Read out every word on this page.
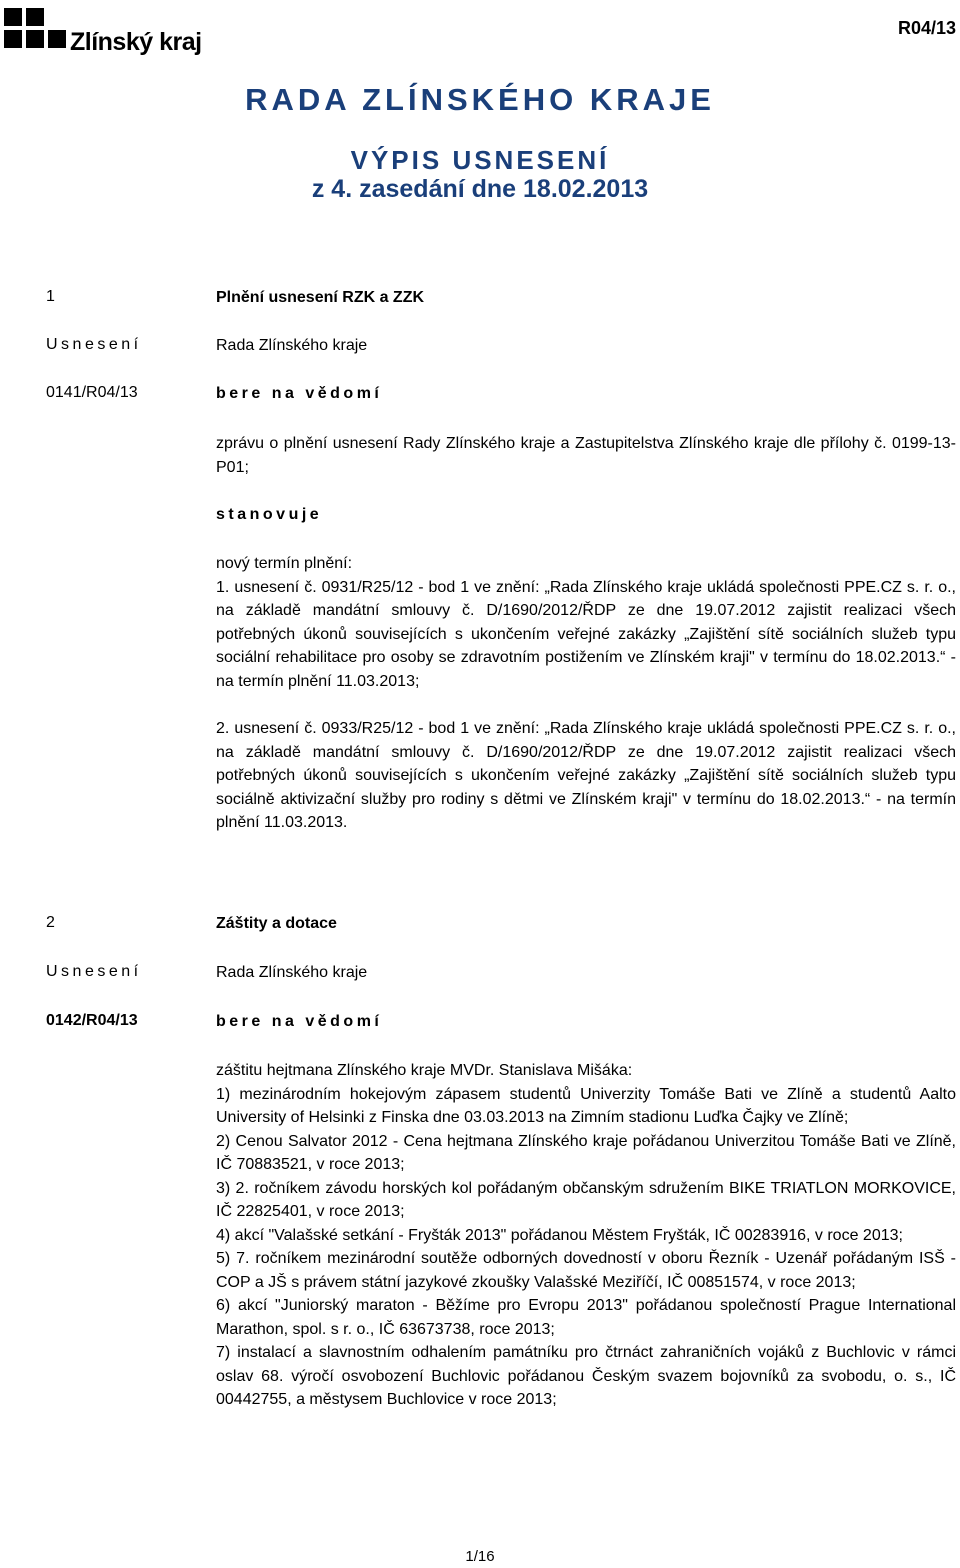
Zlínský kraj	R04/13
RADA ZLÍNSKÉHO KRAJE
VÝPIS USNESENÍ
z 4. zasedání dne 18.02.2013
1	Plnění usnesení RZK a ZZK
Usnesení	Rada Zlínského kraje
0141/R04/13	bere na vědomí
zprávu o plnění usnesení Rady Zlínského kraje a Zastupitelstva Zlínského kraje dle přílohy č. 0199-13-P01;
stanovuje

nový termín plnění:

1. usnesení č. 0931/R25/12 - bod 1 ve znění: „Rada Zlínského kraje ukládá společnosti PPE.CZ s. r. o., na základě mandátní smlouvy č. D/1690/2012/ŘDP ze dne 19.07.2012 zajistit realizaci všech potřebných úkonů souvisejících s ukončením veřejné zakázky „Zajištění sítě sociálních služeb typu sociální rehabilitace pro osoby se zdravotním postižením ve Zlínském kraji" v termínu do 18.02.2013.“ - na termín plnění 11.03.2013;

2. usnesení č. 0933/R25/12 - bod 1 ve znění: „Rada Zlínského kraje ukládá společnosti PPE.CZ s. r. o., na základě mandátní smlouvy č. D/1690/2012/ŘDP ze dne 19.07.2012 zajistit realizaci všech potřebných úkonů souvisejících s ukončením veřejné zakázky „Zajištění sítě sociálních služeb typu sociálně aktivizační služby pro rodiny s dětmi ve Zlínském kraji" v termínu do 18.02.2013.“ - na termín plnění 11.03.2013.

2	Záštity a dotace
Usnesení	Rada Zlínského kraje
0142/R04/13	bere na vědomí

záštitu hejtmana Zlínského kraje MVDr. Stanislava Mišáka:

1) mezinárodním hokejovým zápasem studentů Univerzity Tomáše Bati ve Zlíně a studentů Aalto University of Helsinki z Finska dne 03.03.2013 na Zimním stadionu Luďka Čajky ve Zlíně;

2) Cenou Salvator 2012 - Cena hejtmana Zlínského kraje pořádanou Univerzitou Tomáše Bati ve Zlíně, IČ 70883521, v roce 2013;

3) 2. ročníkem závodu horských kol pořádaným občanským sdružením BIKE TRIATLON MORKOVICE, IČ 22825401, v roce 2013;

4) akcí "Valašské setkání - Fryšták 2013" pořádanou Městem Fryšták, IČ 00283916, v roce 2013;

5) 7. ročníkem mezinárodní soutěže odborných dovedností v oboru Řezník - Uzenář pořádaným ISŠ - COP a JŠ s právem státní jazykové zkoušky Valašské Meziříčí, IČ 00851574, v roce 2013;

6) akcí "Juniorský maraton - Běžíme pro Evropu 2013" pořádanou společností Prague International Marathon, spol. s r. o., IČ 63673738, roce 2013;

7) instalací a slavnostním odhalením památníku pro čtrnáct zahraničních vojáků z Buchlovic v rámci oslav 68. výročí osvobození Buchlovic pořádanou Českým svazem bojovníků za svobodu, o. s., IČ 00442755, a městysem Buchlovice v roce 2013;

1/16
